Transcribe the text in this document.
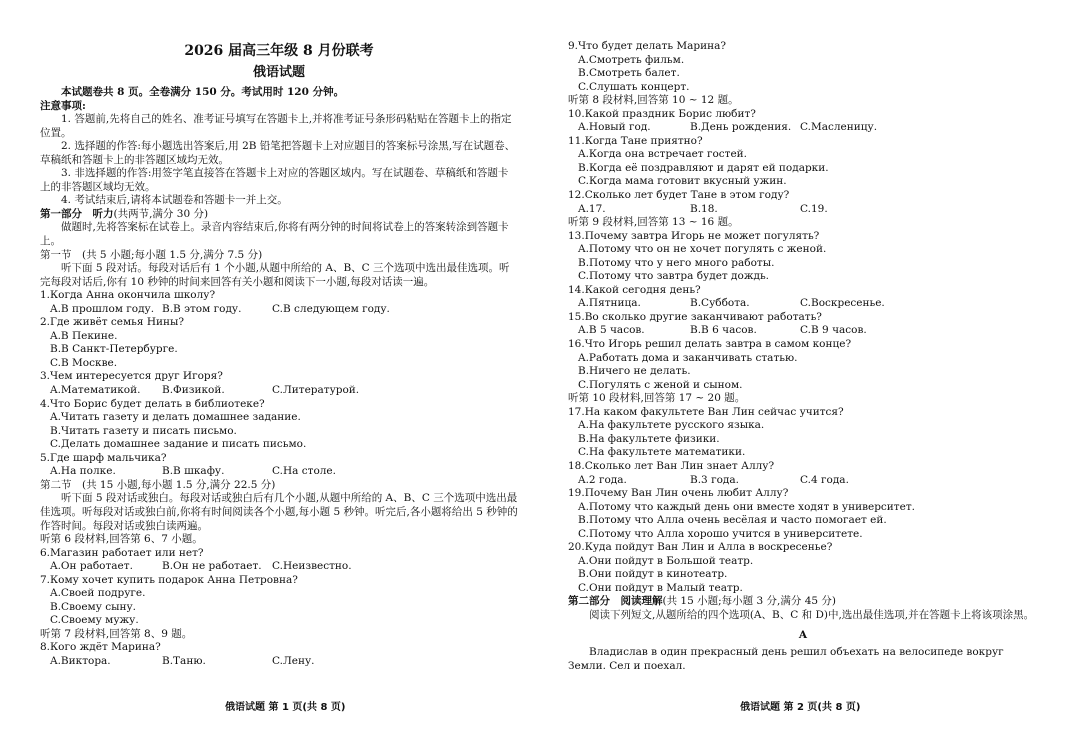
2026 届高三年级 8 月份联考
俄语试题
本试题卷共 8 页。全卷满分 150 分。考试用时 120 分钟。
注意事项:
1. 答题前,先将自己的姓名、准考证号填写在答题卡上,并将准考证号条形码粘贴在答题卡上的指定位置。
2. 选择题的作答:每小题选出答案后,用 2B 铅笔把答题卡上对应题目的答案标号涂黑,写在试题卷、草稿纸和答题卡上的非答题区域均无效。
3. 非选择题的作答:用签字笔直接答在答题卡上对应的答题区域内。写在试题卷、草稿纸和答题卡上的非答题区域均无效。
4. 考试结束后,请将本试题卷和答题卡一并上交。
第一部分　听力(共两节,满分 30 分)
做题时,先将答案标在试卷上。录音内容结束后,你将有两分钟的时间将试卷上的答案转涂到答题卡上。
第一节　(共 5 小题;每小题 1.5 分,满分 7.5 分)
听下面 5 段对话。每段对话后有 1 个小题,从题中所给的 A、B、C 三个选项中选出最佳选项。听完每段对话后,你有 10 秒钟的时间来回答有关小题和阅读下一小题,每段对话读一遍。
1.Когда Анна окончила школу?
A.В прошлом году. B.В этом году.	C.В следующем году.
2.Где живёт семья Нины?
A.В Пекине.
B.В Санкт-Петербурге.
C.В Москве.
3.Чем интересуется друг Игоря?
A.Математикой.	B.Физикой.	C.Литературой.
4.Что Борис будет делать в библиотеке?
A.Читать газету и делать домашнее задание.
B.Читать газету и писать письмо.
C.Делать домашнее задание и писать письмо.
5.Где шарф мальчика?
A.На полке.	B.В шкафу.	C.На столе.
第二节　(共 15 小题,每小题 1.5 分,满分 22.5 分)
听下面 5 段对话或独白。每段对话或独白后有几个小题,从题中所给的 A、B、C 三个选项中选出最佳选项。听每段对话或独白前,你将有时间阅读各个小题,每小题 5 秒钟。听完后,各小题将给出 5 秒钟的作答时间。每段对话或独白读两遍。
听第 6 段材料,回答第 6、7 小题。
6.Магазин работает или нет?
A.Он работает.	B.Он не работает. C.Неизвестно.
7.Кому хочет купить подарок Анна Петровна?
A.Своей подруге.
B.Своему сыну.
C.Своему мужу.
听第 7 段材料,回答第 8、9 题。
8.Кого ждёт Марина?
A.Виктора.	B.Таню.	C.Лену.
9.Что будет делать Марина?
A.Смотреть фильм.
B.Смотреть балет.
C.Слушать концерт.
听第 8 段材料,回答第 10 ~ 12 题。
10.Какой праздник Борис любит?
A.Новый год.	B.День рождения. C.Масленицу.
11.Когда Тане приятно?
A.Когда она встречает гостей.
B.Когда её поздравляют и дарят ей подарки.
C.Когда мама готовит вкусный ужин.
12.Сколько лет будет Тане в этом году?
A.17.	B.18.	C.19.
听第 9 段材料,回答第 13 ~ 16 题。
13.Почему завтра Игорь не может погулять?
A.Потому что он не хочет погулять с женой.
B.Потому что у него много работы.
C.Потому что завтра будет дождь.
14.Какой сегодня день?
A.Пятница.	B.Суббота.	C.Воскресенье.
15.Во сколько другие заканчивают работать?
A.В 5 часов.	B.В 6 часов.	C.В 9 часов.
16.Что Игорь решил делать завтра в самом конце?
A.Работать дома и заканчивать статью.
B.Ничего не делать.
C.Погулять с женой и сыном.
听第 10 段材料,回答第 17 ~ 20 题。
17.На каком факультете Ван Лин сейчас учится?
A.На факультете русского языка.
B.На факультете физики.
C.На факультете математики.
18.Сколько лет Ван Лин знает Аллу?
A.2 года.	B.3 года.	C.4 года.
19.Почему Ван Лин очень любит Аллу?
A.Потому что каждый день они вместе ходят в университет.
B.Потому что Алла очень весёлая и часто помогает ей.
C.Потому что Алла хорошо учится в университете.
20.Куда пойдут Ван Лин и Алла в воскресенье?
A.Они пойдут в Большой театр.
B.Они пойдут в кинотеатр.
C.Они пойдут в Малый театр.
第二部分　阅读理解(共 15 小题;每小题 3 分,满分 45 分)
阅读下列短文,从题所给的四个选项(A、B、C 和 D)中,选出最佳选项,并在答题卡上将该项涂黑。
A
Владислав в один прекрасный день решил объехать на велосипеде вокруг Земли. Сел и поехал.
俄语试题 第 1 页(共 8 页)	俄语试题 第 2 页(共 8 页)
